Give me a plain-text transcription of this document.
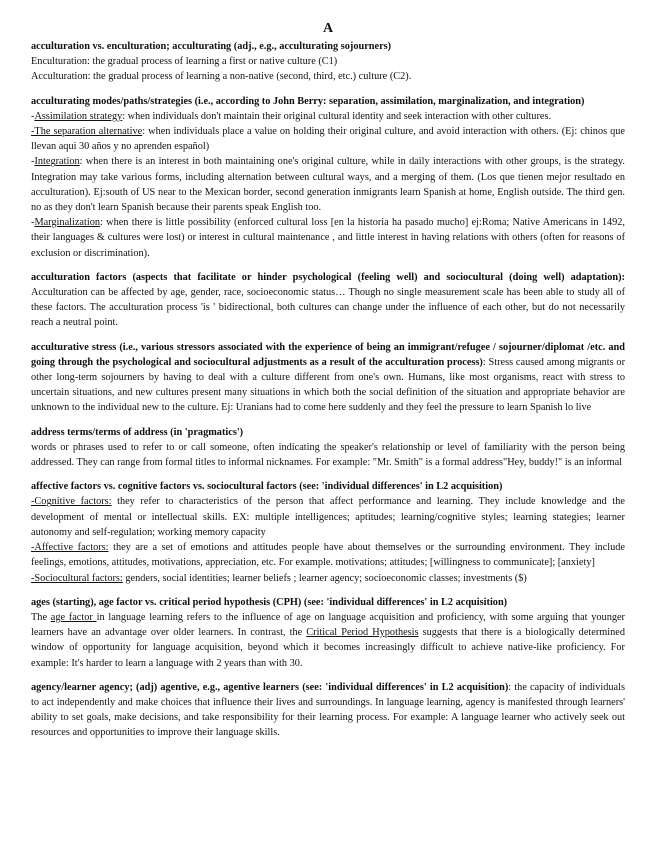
A

acculturation vs. enculturation; acculturating (adj., e.g., acculturating sojourners)

Enculturation: the gradual process of learning a first or native culture (C1)

Acculturation: the gradual process of learning a non-native (second, third, etc.) culture (C2).

acculturating modes/paths/strategies (i.e., according to John Berry: separation, assimilation, marginalization, and integration)

-Assimilation strategy: when individuals don't maintain their original cultural identity and seek interaction with other cultures.

-The separation alternative: when individuals place a value on holding their original culture, and avoid interaction with others. (Ej: chinos que llevan aqui 30 años y no aprenden español)

-Integration: when there is an interest in both maintaining one's original culture, while in daily interactions with other groups, is the strategy. Integration may take various forms, including alternation between cultural ways, and a merging of them. (Los que tienen mejor resultado en acculturation). Ej:south of US near to the Mexican border, second generation inmigrants learn Spanish at home, English outside. The third gen. no as they don't learn Spanish because their parents speak English too.

-Marginalization: when there is little possibility (enforced cultural loss [en la historia ha pasado mucho] ej:Roma; Native Americans in 1492, their languages & cultures were lost) or interest in cultural maintenance , and little interest in having relations with others (often for reasons of exclusion or discrimination).

acculturation factors (aspects that facilitate or hinder psychological (feeling well) and sociocultural (doing well) adaptation): Acculturation can be affected by age, gender, race, socioeconomic status… Though no single measurement scale has been able to study all of these factors. The acculturation process 'is ' bidirectional, both cultures can change under the influence of each other, but do not necessarily reach a neutral point.

acculturative stress (i.e., various stressors associated with the experience of being an immigrant/refugee / sojourner/diplomat /etc. and going through the psychological and sociocultural adjustments as a result of the acculturation process): Stress caused among migrants or other long-term sojourners by having to deal with a culture different from one's own. Humans, like most organisms, react with stress to uncertain situations, and new cultures present many situations in which both the social definition of the situation and appropriate behavior are unknown to the individual new to the culture. Ej: Uranians had to come here suddenly and they feel the pressure to learn Spanish lo live

address terms/terms of address (in 'pragmatics')

words or phrases used to refer to or call someone, often indicating the speaker's relationship or level of familiarity with the person being addressed. They can range from formal titles to informal nicknames. For example: "Mr. Smith" is a formal address"Hey, buddy!" is an informal

affective factors vs. cognitive factors vs. sociocultural factors (see: 'individual differences' in L2 acquisition)

-Cognitive factors: they refer to characteristics of the person that affect performance and learning. They include knowledge and the development of mental or intellectual skills. EX: multiple intelligences; aptitudes; learning/cognitive styles; learning stategies; learner autonomy and self-regulation; working memory capacity

-Affective factors: they are a set of emotions and attitudes people have about themselves or the surrounding environment. They include feelings, emotions, attitudes, motivations, appreciation, etc. For example. motivations; attitudes; [willingness to communicate]; [anxiety]

-Sociocultural factors: genders, social identities; learner beliefs ; learner agency; socioeconomic classes; investments ($)

ages (starting), age factor vs. critical period hypothesis (CPH) (see: 'individual differences' in L2 acquisition)

The age factor in language learning refers to the influence of age on language acquisition and proficiency, with some arguing that younger learners have an advantage over older learners. In contrast, the Critical Period Hypothesis suggests that there is a biologically determined window of opportunity for language acquisition, beyond which it becomes increasingly difficult to achieve native-like proficiency. For example: It's harder to learn a language with 2 years than with 30.

agency/learner agency; (adj) agentive, e.g., agentive learners (see: 'individual differences' in L2 acquisition): the capacity of individuals to act independently and make choices that influence their lives and surroundings. In language learning, agency is manifested through learners' ability to set goals, make decisions, and take responsibility for their learning process. For example: A language learner who actively seek out resources and opportunities to improve their language skills.
